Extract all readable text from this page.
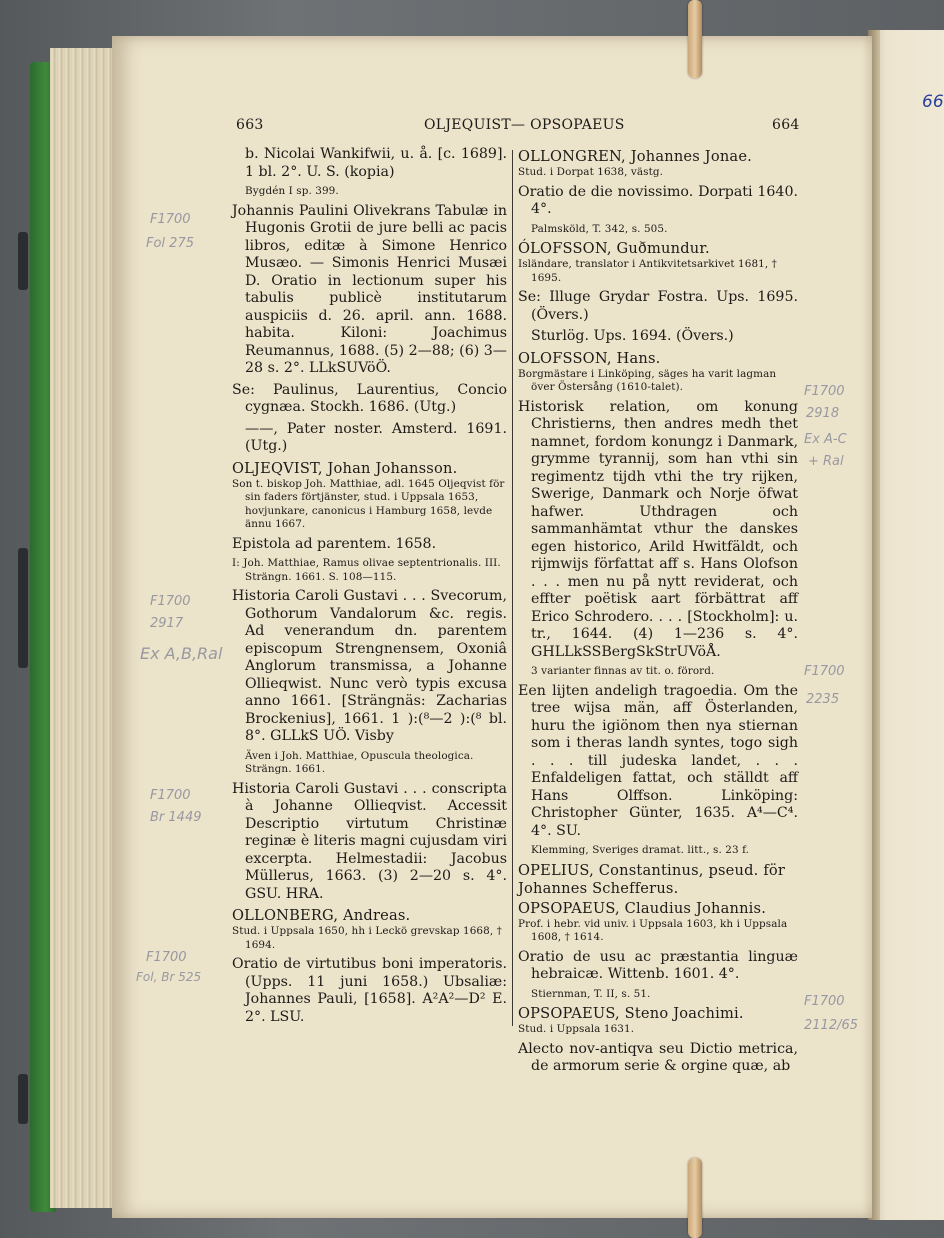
663	OLJEQUIST— OPSOPAEUS	664
66
b. Nicolai Wankifwii, u. å. [c. 1689]. 1 bl. 2°. U. S. (kopia)
Bygdén I sp. 399.
Johannis Paulini Olivekrans Tabulæ in Hugonis Grotii de jure belli ac pacis libros, editæ à Simone Henrico Musæo. — Simonis Henrici Musæi D. Oratio in lectionum super his tabulis publicè institutarum auspiciis d. 26. april. ann. 1688. habita. Kiloni: Joachimus Reumannus, 1688. (5) 2—88; (6) 3—28 s. 2°. LLkSUVöÖ.
Se: Paulinus, Laurentius, Concio cygnæa. Stockh. 1686. (Utg.)
——, Pater noster. Amsterd. 1691. (Utg.)
OLJEQVIST, Johan Johansson.
Son t. biskop Joh. Matthiae, adl. 1645 Oljeqvist för sin faders förtjänster, stud. i Uppsala 1653, hovjunkare, canonicus i Hamburg 1658, levde ännu 1667.
Epistola ad parentem. 1658.
I: Joh. Matthiae, Ramus olivae septentrionalis. III. Strängn. 1661. S. 108—115.
Historia Caroli Gustavi . . . Svecorum, Gothorum Vandalorum &c. regis. Ad venerandum dn. parentem episcopum Strengnensem, Oxoniâ Anglorum transmissa, a Johanne Ollieqwist. Nunc verò typis excusa anno 1661. [Strängnäs: Zacharias Brockenius], 1661. 1 ):(⁸—2 ):(⁸ bl. 8°. GLLkS UÖ. Visby
Även i Joh. Matthiae, Opuscula theologica. Strängn. 1661.
Historia Caroli Gustavi . . . conscripta à Johanne Ollieqvist. Accessit Descriptio virtutum Christinæ reginæ è literis magni cujusdam viri excerpta. Helmestadii: Jacobus Müllerus, 1663. (3) 2—20 s. 4°. GSU. HRA.
OLLONBERG, Andreas.
Stud. i Uppsala 1650, hh i Leckö grevskap 1668, † 1694.
Oratio de virtutibus boni imperatoris. (Upps. 11 juni 1658.) Ubsaliæ: Johannes Pauli, [1658]. A²A²—D² E. 2°. LSU.
OLLONGREN, Johannes Jonae.
Stud. i Dorpat 1638, västg.
Oratio de die novissimo. Dorpati 1640. 4°.
Palmsköld, T. 342, s. 505.
ÓLOFSSON, Guðmundur.
Isländare, translator i Antikvitetsarkivet 1681, † 1695.
Se: Illuge Grydar Fostra. Ups. 1695. (Övers.)
Sturlög. Ups. 1694. (Övers.)
OLOFSSON, Hans.
Borgmästare i Linköping, säges ha varit lagman över Östersång (1610-talet).
Historisk relation, om konung Christierns, then andres medh thet namnet, fordom konungz i Danmark, grymme tyrannij, som han vthi sin regimentz tijdh vthi the try rijken, Swerige, Danmark och Norje öfwat hafwer. Uthdragen och sammanhämtat vthur the danskes egen historico, Arild Hwitfäldt, och rijmwijs författat aff s. Hans Olofson . . . men nu på nytt reviderat, och effter poëtisk aart förbättrat aff Erico Schrodero. . . . [Stockholm]: u. tr., 1644. (4) 1—236 s. 4°. GHLLkSSBergSkStrUVöÅ.
3 varianter finnas av tit. o. förord.
Een lijten andeligh tragoedia. Om the tree wijsa män, aff Österlanden, huru the igiönom then nya stiernan som i theras landh syntes, togo sigh . . . till judeska landet, . . . Enfaldeligen fattat, och ställdt aff Hans Olffson. Linköping: Christopher Günter, 1635. A⁴—C⁴. 4°. SU.
Klemming, Sveriges dramat. litt., s. 23 f.
OPELIUS, Constantinus, pseud. för Johannes Schefferus.
OPSOPAEUS, Claudius Johannis.
Prof. i hebr. vid univ. i Uppsala 1603, kh i Uppsala 1608, † 1614.
Oratio de usu ac præstantia linguæ hebraicæ. Wittenb. 1601. 4°.
Stiernman, T. II, s. 51.
OPSOPAEUS, Steno Joachimi.
Stud. i Uppsala 1631.
Alecto nov-antiqva seu Dictio metrica, de armorum serie & orgine quæ, ab
F1700
Fol 275
F1700
2917
Ex A,B,Ral
F1700
Br 1449
F1700
Fol, Br 525
F1700
2918
Ex A-C
+ Ral
F1700
2235
F1700
2112/65
